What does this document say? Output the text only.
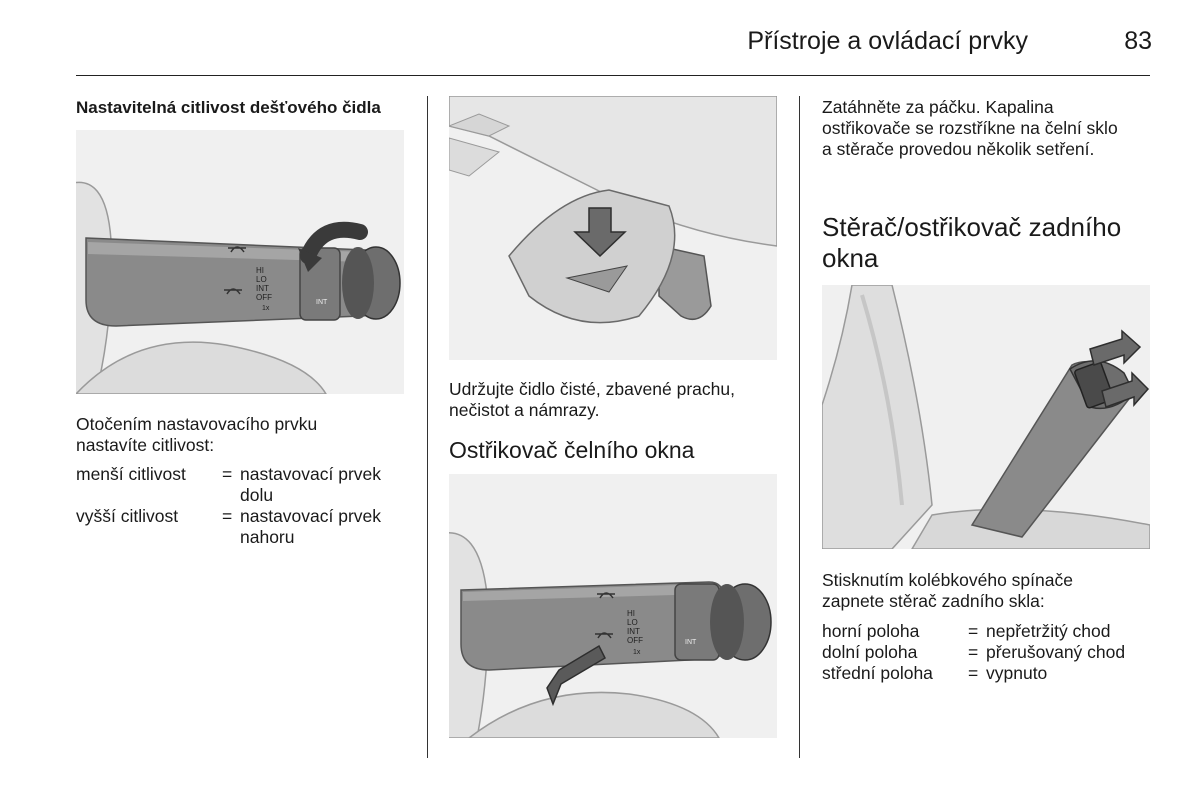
Přístroje a ovládací prvky	83
Nastavitelná citlivost dešťového čidla
HI
LO
INT
OFF
1x
INT
Otočením nastavovacího prvku nastavíte citlivost:
menší citlivost	= nastavovací prvek dolu
vyšší citlivost	= nastavovací prvek nahoru
Udržujte čidlo čisté, zbavené prachu, nečistot a námrazy.
Ostřikovač čelního okna
HI
LO
INT
OFF
1x
INT
Zatáhněte za páčku. Kapalina ostřikovače se rozstříkne na čelní sklo a stěrače provedou několik setření.
Stěrač/ostřikovač zadního okna
Stisknutím kolébkového spínače zapnete stěrač zadního skla:
horní poloha	= nepřetržitý chod
dolní poloha	= přerušovaný chod
střední poloha	= vypnuto
